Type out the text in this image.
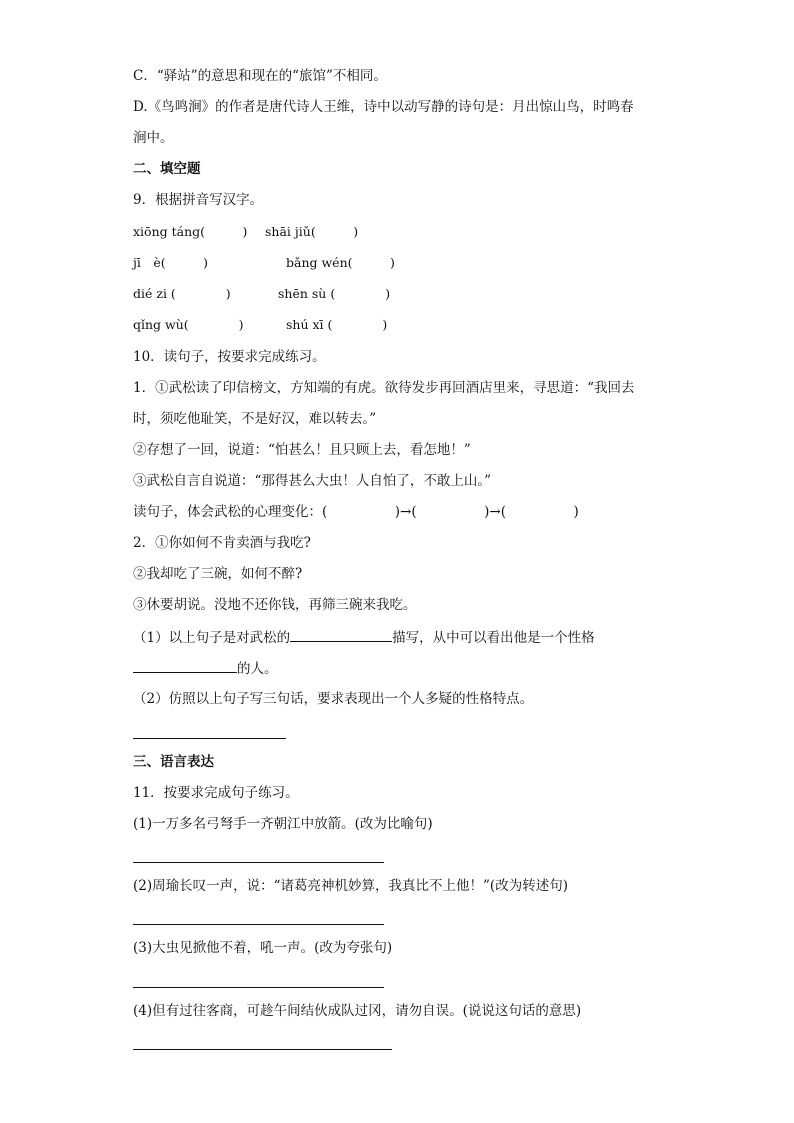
C．“驿站”的意思和现在的“旅馆”不相同。
D.《鸟鸣涧》的作者是唐代诗人王维，诗中以动写静的诗句是：月出惊山鸟，时鸣春
涧中。
二、填空题
9．根据拼音写汉字。
xiōng táng(　　　) shāi jiǔ(　　　)
jī　è(　　　)	bǎng wén(　　　)
dié zi (　　　　)	shēn sù (　　　　)
qǐng wù(　　　　)	shú xī (　　　　)
10．读句子，按要求完成练习。
1．①武松读了印信榜文，方知端的有虎。欲待发步再回酒店里来，寻思道：“我回去
时，须吃他耻笑，不是好汉，难以转去。”
②存想了一回，说道：“怕甚么！且只顾上去，看怎地！”
③武松自言自说道：“那得甚么大虫！人自怕了，不敢上山。”
读句子，体会武松的心理变化：(　　　　　)→(　　　　　)→(　　　　　)
2．①你如何不肯卖酒与我吃?
②我却吃了三碗，如何不醉?
③休要胡说。没地不还你钱，再筛三碗来我吃。
（1）以上句子是对武松的	描写，从中可以看出他是一个性格
的人。
（2）仿照以上句子写三句话，要求表现出一个人多疑的性格特点。
三、语言表达
11．按要求完成句子练习。
(1)一万多名弓弩手一齐朝江中放箭。(改为比喻句)
(2)周瑜长叹一声，说：“诸葛亮神机妙算，我真比不上他！”(改为转述句)
(3)大虫见掀他不着，吼一声。(改为夸张句)
(4)但有过往客商，可趁午间结伙成队过冈，请勿自误。(说说这句话的意思)
